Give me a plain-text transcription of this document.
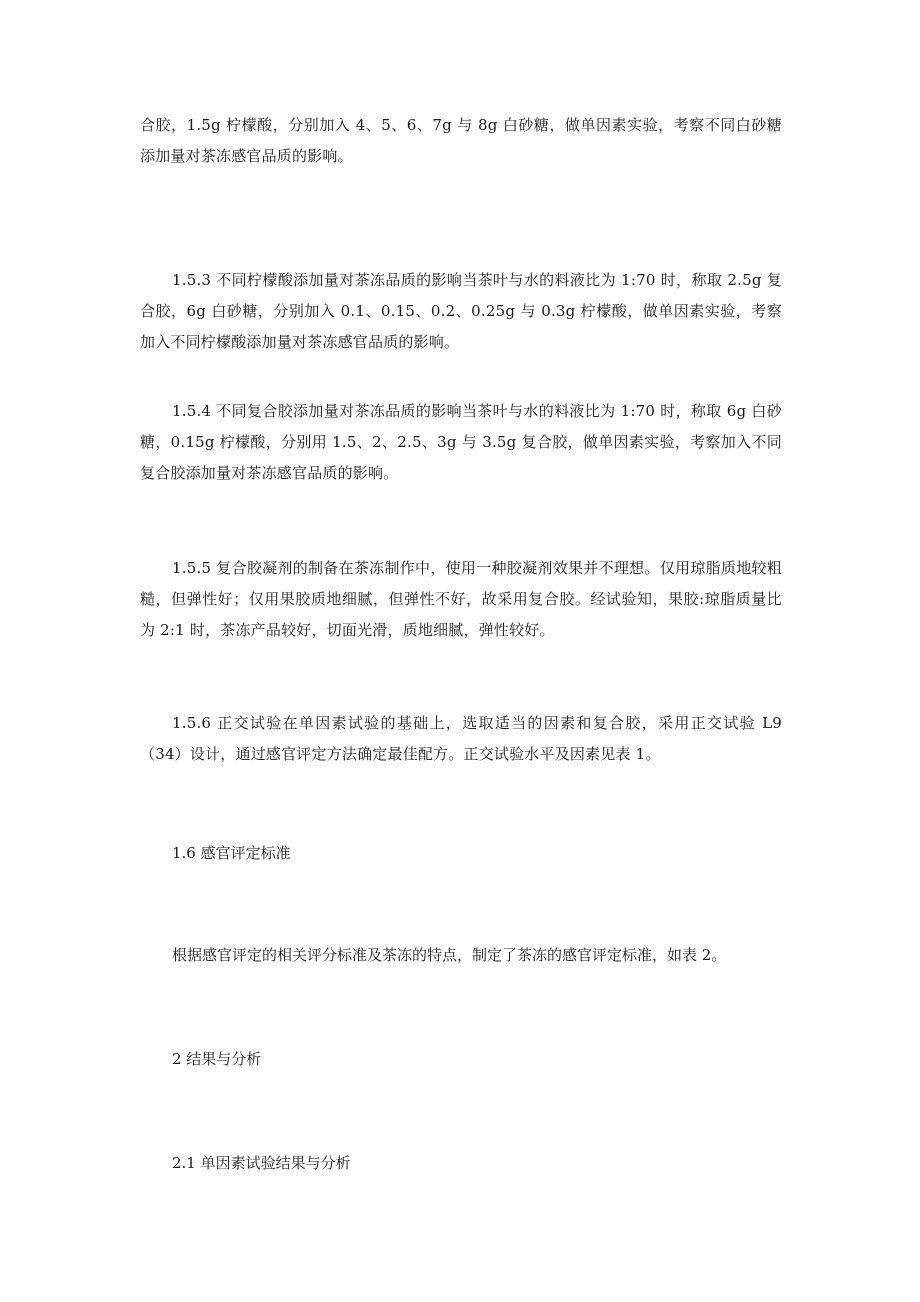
合胶，1.5g 柠檬酸，分别加入 4、5、6、7g 与 8g 白砂糖，做单因素实验，考察不同白砂糖添加量对茶冻感官品质的影响。

1.5.3 不同柠檬酸添加量对茶冻品质的影响当茶叶与水的料液比为 1:70 时，称取 2.5g 复合胶，6g 白砂糖，分别加入 0.1、0.15、0.2、0.25g 与 0.3g 柠檬酸，做单因素实验，考察加入不同柠檬酸添加量对茶冻感官品质的影响。

1.5.4 不同复合胶添加量对茶冻品质的影响当茶叶与水的料液比为 1:70 时，称取 6g 白砂糖，0.15g 柠檬酸，分别用 1.5、2、2.5、3g 与 3.5g 复合胶，做单因素实验，考察加入不同复合胶添加量对茶冻感官品质的影响。

1.5.5 复合胶凝剂的制备在茶冻制作中，使用一种胶凝剂效果并不理想。仅用琼脂质地较粗糙，但弹性好；仅用果胶质地细腻，但弹性不好，故采用复合胶。经试验知，果胶:琼脂质量比为 2:1 时，茶冻产品较好，切面光滑，质地细腻，弹性较好。

1.5.6 正交试验在单因素试验的基础上，选取适当的因素和复合胶，采用正交试验 L9（34）设计，通过感官评定方法确定最佳配方。正交试验水平及因素见表 1。

1.6 感官评定标准

根据感官评定的相关评分标准及茶冻的特点，制定了茶冻的感官评定标准，如表 2。

2 结果与分析

2.1 单因素试验结果与分析
